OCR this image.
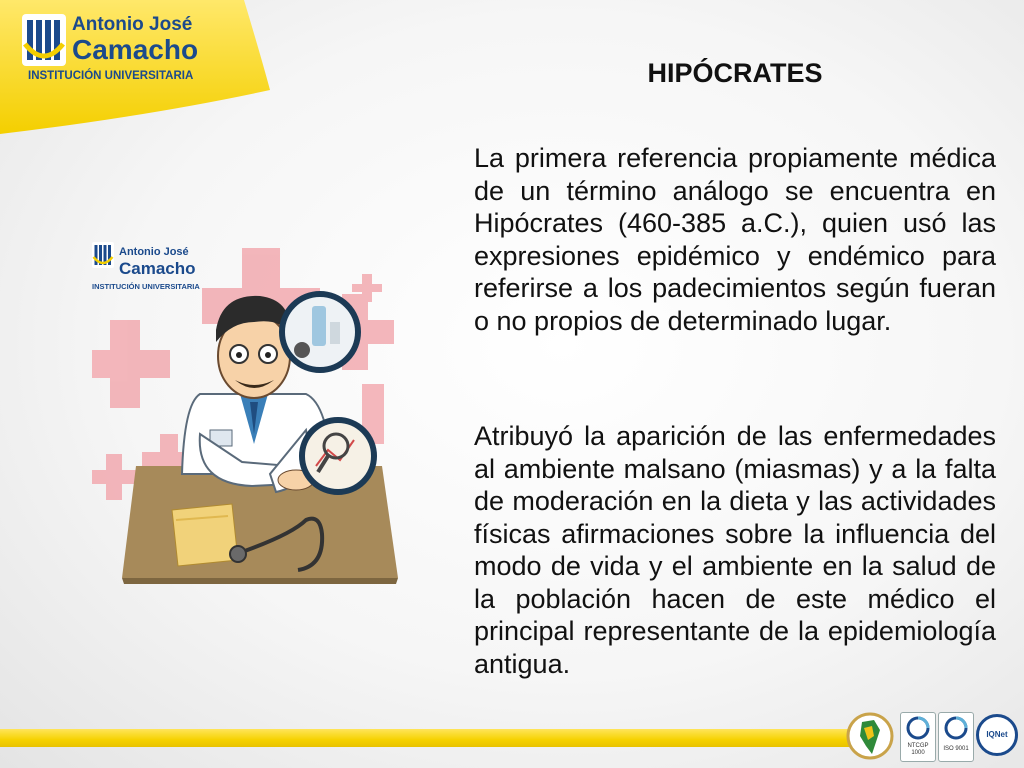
Antonio José
Camacho
INSTITUCIÓN UNIVERSITARIA	HIPÓCRATES

La primera referencia propiamente médica de un término análogo se encuentra en Hipócrates (460-385 a.C.), quien usó las expresiones epidémico y endémico para referirse a los padecimientos según fueran o no propios de determinado lugar.

Atribuyó la aparición de las enfermedades al ambiente malsano (miasmas) y a la falta de moderación en la dieta y las actividades físicas afirmaciones sobre la influencia del modo de vida y el ambiente en la salud de la población hacen de este médico el principal representante de la epidemiología antigua.

Antonio José
Camacho
INSTITUCIÓN UNIVERSITARIA
NTCGP
1000
ISO 9001
IQNet
